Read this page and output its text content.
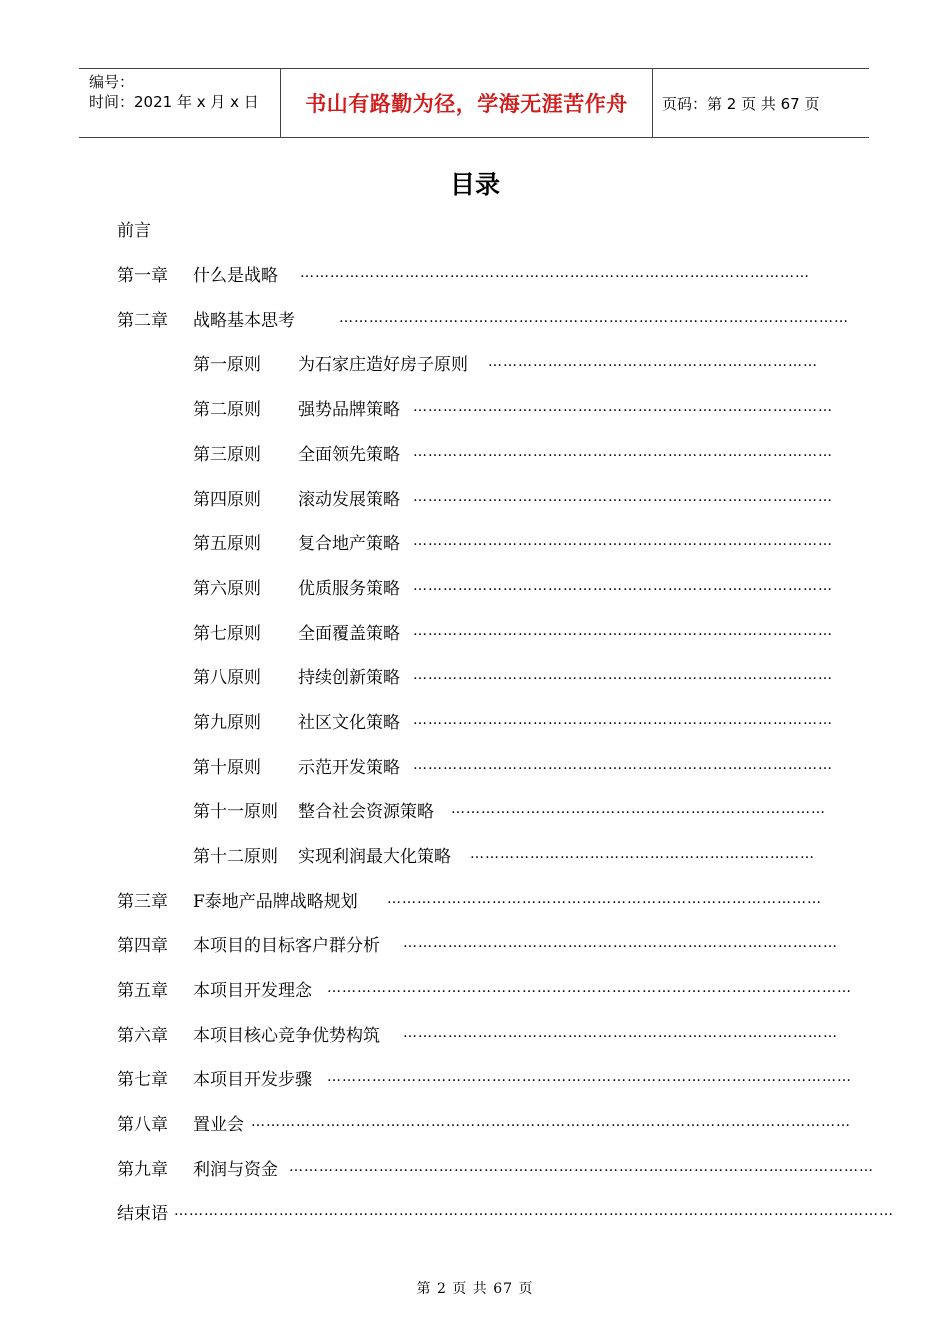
编号：
时间：2021 年 x 月 x 日	书山有路勤为径，学海无涯苦作舟	页码：第 2 页 共 67 页
目录
前言
第一章 什么是战略 …………………………………………………………………………………………
第二章 战略基本思考	…………………………………………………………………………………………
第一原则 为石家庄造好房子原则 …………………………………………………………
第二原则 强势品牌策略 …………………………………………………………………………
第三原则 全面领先策略 …………………………………………………………………………
第四原则 滚动发展策略 …………………………………………………………………………
第五原则 复合地产策略 …………………………………………………………………………
第六原则 优质服务策略 …………………………………………………………………………
第七原则 全面覆盖策略 …………………………………………………………………………
第八原则 持续创新策略 …………………………………………………………………………
第九原则 社区文化策略 …………………………………………………………………………
第十原则 示范开发策略 …………………………………………………………………………
第十一原则 整合社会资源策略 …………………………………………………………………
第十二原则 实现利润最大化策略 ……………………………………………………………
第三章 F泰地产品牌战略规划 ……………………………………………………………………………
第四章 本项目的目标客户群分析 ……………………………………………………………………………
第五章 本项目开发理念 ……………………………………………………………………………………………
第六章 本项目核心竞争优势构筑 ……………………………………………………………………………
第七章 本项目开发步骤 ……………………………………………………………………………………………
第八章 置业会 …………………………………………………………………………………………………………
第九章 利润与资金 ………………………………………………………………………………………………………
结束语 ………………………………………………………………………………………………………………………………
第 2 页 共 67 页
